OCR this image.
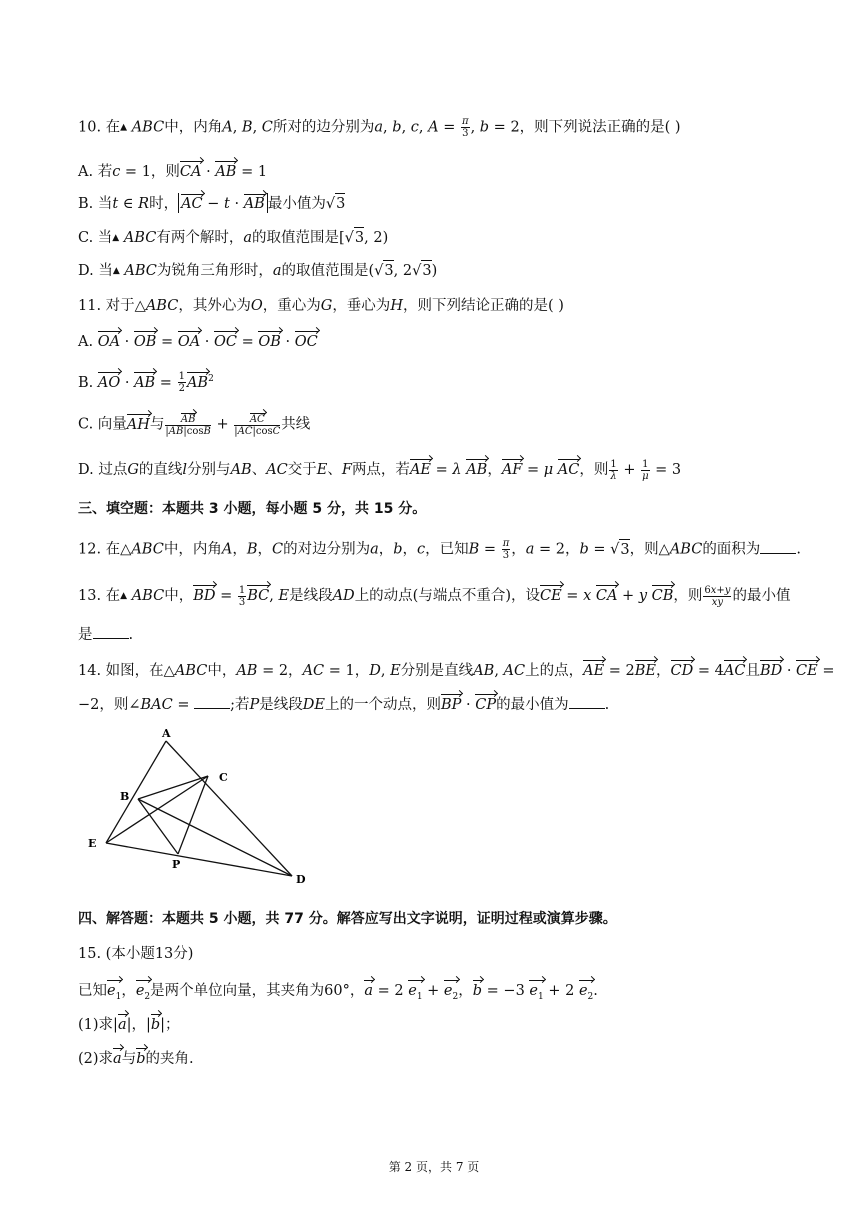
10. 在▲ ABC中，内角A, B, C所对的边分别为a, b, c, $A = \frac{\pi}{3}$ , b = 2，则下列说法正确的是( )
A. 若c = 1，则CA · AB = 1
B. 当t ∈ R时， AC − t · AB 最小值为√3
C. 当▲ ABC有两个解时，a的取值范围是[√3, 2)
D. 当▲ ABC为锐角三角形时，a的取值范围是(√3, 2√3)
11. 对于△ABC，其外心为O，重心为G，垂心为H，则下列结论正确的是( )
A. OA · OB = OA · OC = OB · OC
B. AO · AB = $\frac{1}{2} AB^2$
C. 向量AH与 $\frac{AB}{|AB|\cos B} + \frac{AC}{|AC|\cos C}$ 共线
D. 过点G的直线l分别与AB、AC交于E、F两点，若AE = λ AB，AF = μ AC，则 $\frac{1}{\lambda} + \frac{1}{\mu} = 3$
三、填空题：本题共 3 小题，每小题 5 分，共 15 分。
12. 在△ABC中，内角A，B，C的对边分别为a，b，c，已知$B = \frac{\pi}{3}$ ，a = 2，b = √3，则△ABC的面积为 .
13. 在▲ ABC中，BD = $\frac{1}{3}$ BC, E是线段AD上的动点(与端点不重合)，设CE = x CA + y CB，则 $\frac{6x+y}{xy}$ 的最小值
是 .
14. 如图，在△ABC中，AB = 2，AC = 1，D, E分别是直线AB, AC上的点，AE = 2BE，CD = 4AC且BD · CE =
−2，则∠BAC = ;若P是线段DE上的一个动点，则BP · CP的最小值为 .
A
B
C
D
E
P
四、解答题：本题共 5 小题，共 77 分。解答应写出文字说明，证明过程或演算步骤。
15. (本小题13分)
已知$e_1$，$e_2$是两个单位向量，其夹角为60°，a = 2 $e_1 + e_2$，b = −3 $e_1 + 2$ $e_2$.
(1)求|a|，|b|；
(2)求a与b的夹角.
第 2 页，共 7 页
